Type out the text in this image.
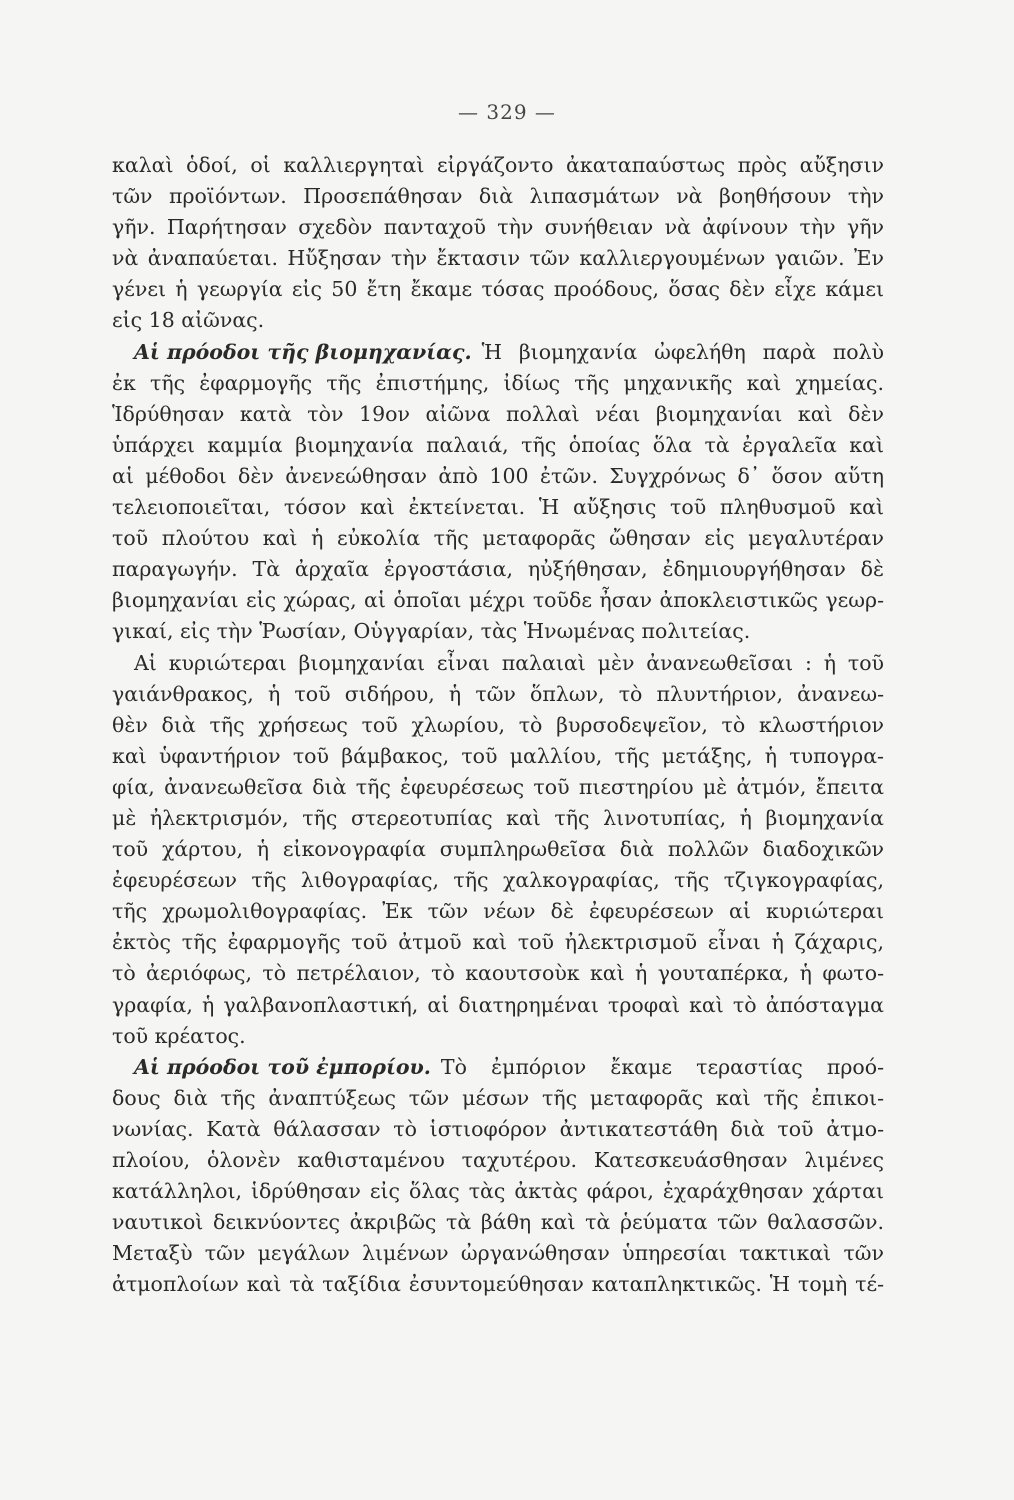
— 329 —
καλαὶ ὁδοί, οἱ καλλιεργηταὶ εἰργάζοντο ἀκαταπαύστως πρὸς αὔξησιν
τῶν προϊόντων. Προσεπάθησαν διὰ λιπασμάτων νὰ βοηθήσουν τὴν
γῆν. Παρήτησαν σχεδὸν πανταχοῦ τὴν συνήθειαν νὰ ἀφίνουν τὴν γῆν
νὰ ἀναπαύεται. Ηὔξησαν τὴν ἔκτασιν τῶν καλλιεργουμένων γαιῶν. Ἐν
γένει ἡ γεωργία εἰς 50 ἔτη ἔκαμε τόσας προόδους, ὅσας δὲν εἶχε κάμει
εἰς 18 αἰῶνας.
Αἱ πρόοδοι τῆς βιομηχανίας. Ἡ βιομηχανία ὠφελήθη παρὰ πολὺ
ἐκ τῆς ἐφαρμογῆς τῆς ἐπιστήμης, ἰδίως τῆς μηχανικῆς καὶ χημείας.
Ἱδρύθησαν κατὰ τὸν 19ον αἰῶνα πολλαὶ νέαι βιομηχανίαι καὶ δὲν
ὑπάρχει καμμία βιομηχανία παλαιά, τῆς ὁποίας ὅλα τὰ ἐργαλεῖα καὶ
αἱ μέθοδοι δὲν ἀνενεώθησαν ἀπὸ 100 ἐτῶν. Συγχρόνως δ᾽ ὅσον αὕτη
τελειοποιεῖται, τόσον καὶ ἐκτείνεται. Ἡ αὔξησις τοῦ πληθυσμοῦ καὶ
τοῦ πλούτου καὶ ἡ εὐκολία τῆς μεταφορᾶς ὤθησαν εἰς μεγαλυτέραν
παραγωγήν. Τὰ ἀρχαῖα ἐργοστάσια, ηὐξήθησαν, ἐδημιουργήθησαν δὲ
βιομηχανίαι εἰς χώρας, αἱ ὁποῖαι μέχρι τοῦδε ἦσαν ἀποκλειστικῶς γεωρ-
γικαί, εἰς τὴν Ῥωσίαν, Οὑγγαρίαν, τὰς Ἡνωμένας πολιτείας.
Αἱ κυριώτεραι βιομηχανίαι εἶναι παλαιαὶ μὲν ἀνανεωθεῖσαι : ἡ τοῦ
γαιάνθρακος, ἡ τοῦ σιδήρου, ἡ τῶν ὅπλων, τὸ πλυντήριον, ἀνανεω-
θὲν διὰ τῆς χρήσεως τοῦ χλωρίου, τὸ βυρσοδεψεῖον, τὸ κλωστήριον
καὶ ὑφαντήριον τοῦ βάμβακος, τοῦ μαλλίου, τῆς μετάξης, ἡ τυπογρα-
φία, ἀνανεωθεῖσα διὰ τῆς ἐφευρέσεως τοῦ πιεστηρίου μὲ ἀτμόν, ἔπειτα
μὲ ἠλεκτρισμόν, τῆς στερεοτυπίας καὶ τῆς λινοτυπίας, ἡ βιομηχανία
τοῦ χάρτου, ἡ εἰκονογραφία συμπληρωθεῖσα διὰ πολλῶν διαδοχικῶν
ἐφευρέσεων τῆς λιθογραφίας, τῆς χαλκογραφίας, τῆς τζιγκογραφίας,
τῆς χρωμολιθογραφίας. Ἐκ τῶν νέων δὲ ἐφευρέσεων αἱ κυριώτεραι
ἐκτὸς τῆς ἐφαρμογῆς τοῦ ἀτμοῦ καὶ τοῦ ἠλεκτρισμοῦ εἶναι ἡ ζάχαρις,
τὸ ἀεριόφως, τὸ πετρέλαιον, τὸ καουτσοὺκ καὶ ἡ γουταπέρκα, ἡ φωτο-
γραφία, ἡ γαλβανοπλαστική, αἱ διατηρημέναι τροφαὶ καὶ τὸ ἀπόσταγμα
τοῦ κρέατος.
Αἱ πρόοδοι τοῦ ἐμπορίου. Τὸ ἐμπόριον ἔκαμε τεραστίας προό-
δους διὰ τῆς ἀναπτύξεως τῶν μέσων τῆς μεταφορᾶς καὶ τῆς ἐπικοι-
νωνίας. Κατὰ θάλασσαν τὸ ἱστιοφόρον ἀντικατεστάθη διὰ τοῦ ἀτμο-
πλοίου, ὁλονὲν καθισταμένου ταχυτέρου. Κατεσκευάσθησαν λιμένες
κατάλληλοι, ἱδρύθησαν εἰς ὅλας τὰς ἀκτὰς φάροι, ἐχαράχθησαν χάρται
ναυτικοὶ δεικνύοντες ἀκριβῶς τὰ βάθη καὶ τὰ ῥεύματα τῶν θαλασσῶν.
Μεταξὺ τῶν μεγάλων λιμένων ὠργανώθησαν ὑπηρεσίαι τακτικαὶ τῶν
ἀτμοπλοίων καὶ τὰ ταξίδια ἐσυντομεύθησαν καταπληκτικῶς. Ἡ τομὴ τέ-
